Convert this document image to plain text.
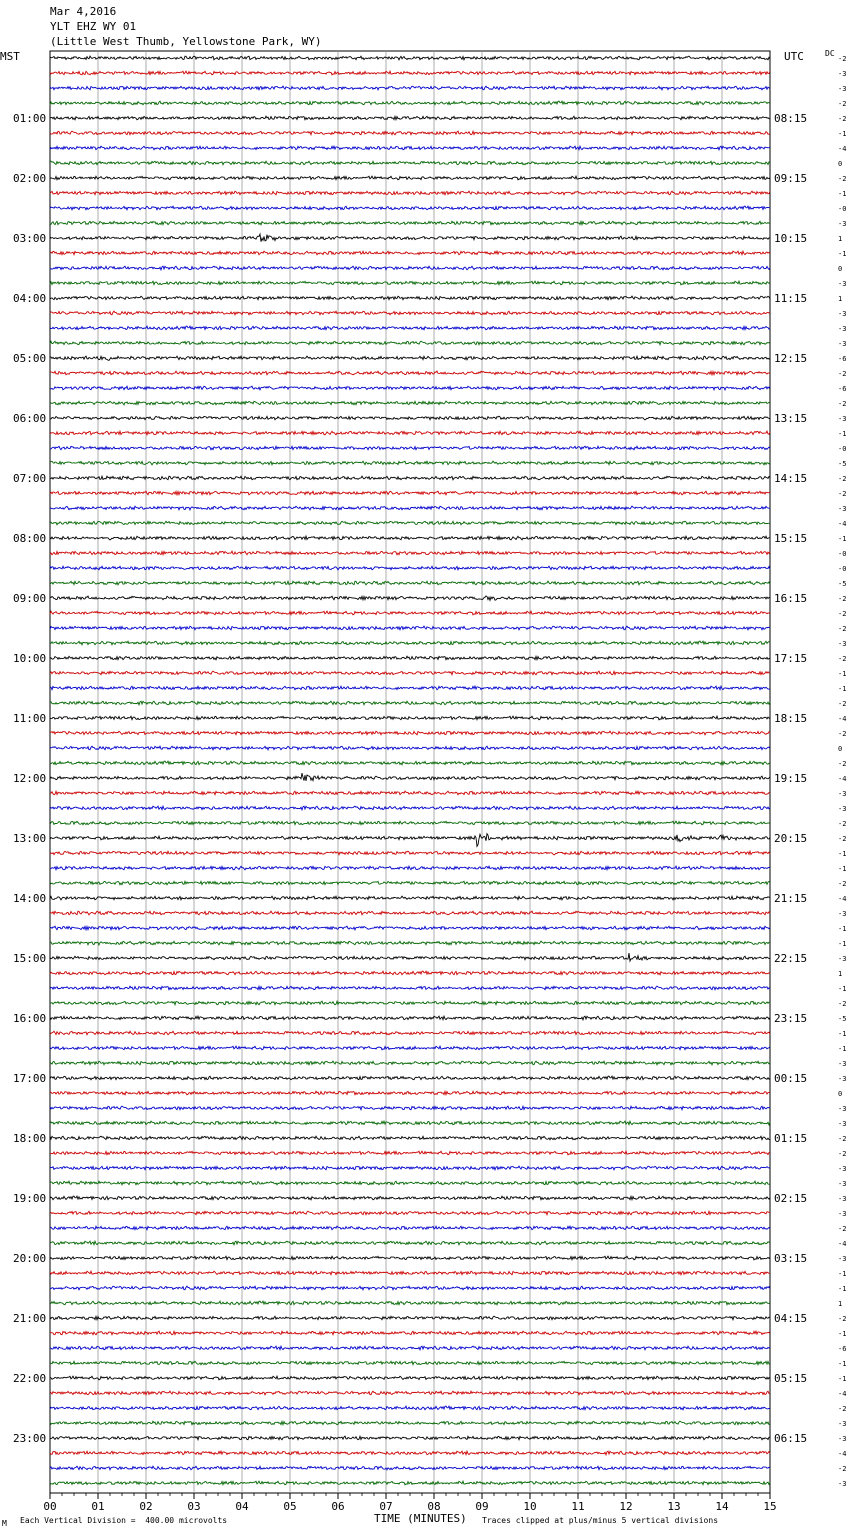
Mar 4,2016
YLT EHZ WY 01
(Little West Thumb, Yellowstone Park, WY)
MST	UTC	DC
-2
-3
-3
-2
-2
-1
-4
0
-2
-1
-0
-3
1
-1
0
-3
1
-3
-3
-3
-6
-2
-6
-2
-3
-1
-0
-5
-2
-2
-3
-4
-1
-0
-0
-5
-2
-2
-2
-3
-2
-1
-1
-2
-4
-2
0
-2
-4
-3
-3
-2
-2
-1
-1
-2
-4
-3
-1
-1
-3
1
-1
-2
-5
-1
-1
-3
-3
0
-3
-3
-2
-2
-3
-3
-3
-3
-2
-4
-3
-1
-1
1
-2
-1
-6
-1
-1
-4
-2
-3
-3
-4
-2
-3
01:00
02:00
03:00
04:00
05:00
06:00
07:00
08:00
09:00
10:00
11:00
12:00
13:00
14:00
15:00
16:00
17:00
18:00
19:00
20:00
21:00
22:00
23:00
08:15
09:15
10:15
11:15
12:15
13:15
14:15
15:15
16:15
17:15
18:15
19:15
20:15
21:15
22:15
23:15
00:15
01:15
02:15
03:15
04:15
05:15
06:15
00	01	02	03	04	05	06	07	08	09	10	11	12	13	14	15
M Each Vertical Division =  400.00 microvolts	TIME (MINUTES) Traces clipped at plus/minus 5 vertical divisions
